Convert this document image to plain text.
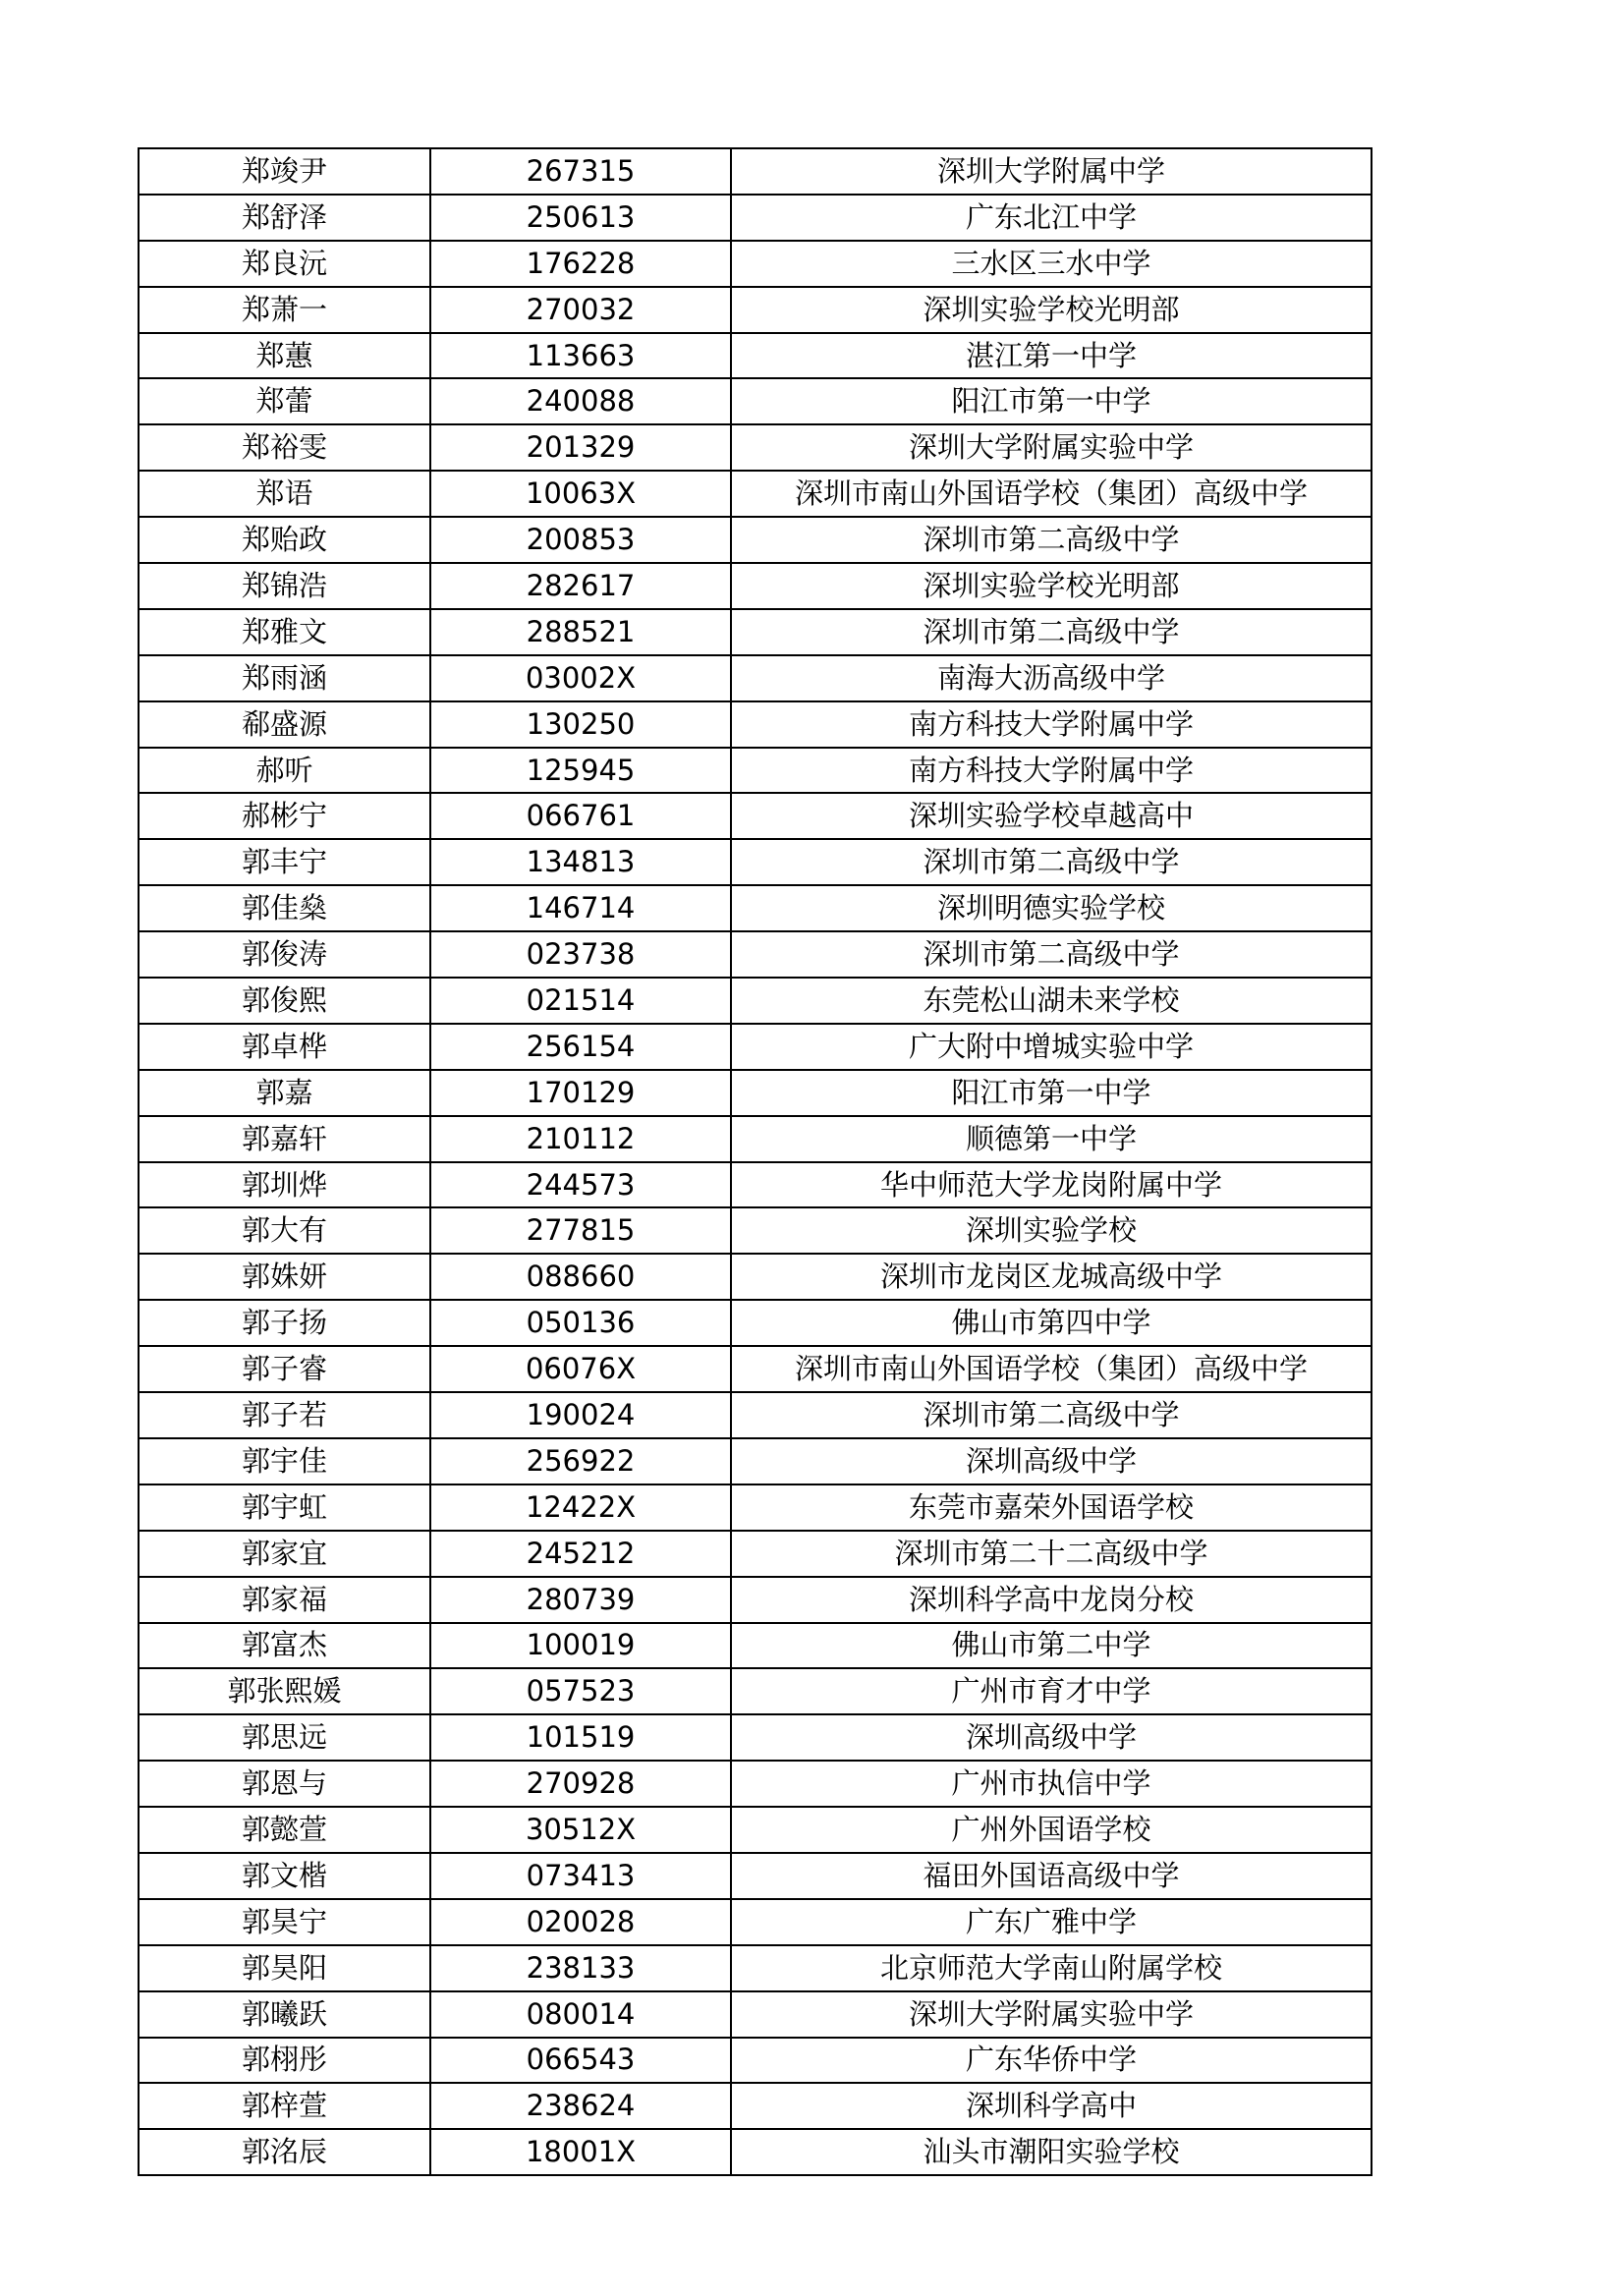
郑竣尹	267315	深圳大学附属中学
郑舒泽	250613	广东北江中学
郑良沅	176228	三水区三水中学
郑萧一	270032	深圳实验学校光明部
郑蕙	113663	湛江第一中学
郑蕾	240088	阳江市第一中学
郑裕雯	201329	深圳大学附属实验中学
郑语	10063X	深圳市南山外国语学校（集团）高级中学
郑贻政	200853	深圳市第二高级中学
郑锦浩	282617	深圳实验学校光明部
郑雅文	288521	深圳市第二高级中学
郑雨涵	03002X	南海大沥高级中学
郗盛源	130250	南方科技大学附属中学
郝听	125945	南方科技大学附属中学
郝彬宁	066761	深圳实验学校卓越高中
郭丰宁	134813	深圳市第二高级中学
郭佳燊	146714	深圳明德实验学校
郭俊涛	023738	深圳市第二高级中学
郭俊熙	021514	东莞松山湖未来学校
郭卓桦	256154	广大附中增城实验中学
郭嘉	170129	阳江市第一中学
郭嘉轩	210112	顺德第一中学
郭圳烨	244573	华中师范大学龙岗附属中学
郭大有	277815	深圳实验学校
郭姝妍	088660	深圳市龙岗区龙城高级中学
郭子扬	050136	佛山市第四中学
郭子睿	06076X	深圳市南山外国语学校（集团）高级中学
郭子若	190024	深圳市第二高级中学
郭宇佳	256922	深圳高级中学
郭宇虹	12422X	东莞市嘉荣外国语学校
郭家宜	245212	深圳市第二十二高级中学
郭家福	280739	深圳科学高中龙岗分校
郭富杰	100019	佛山市第二中学
郭张熙媛	057523	广州市育才中学
郭思远	101519	深圳高级中学
郭恩与	270928	广州市执信中学
郭懿萱	30512X	广州外国语学校
郭文楷	073413	福田外国语高级中学
郭昊宁	020028	广东广雅中学
郭昊阳	238133	北京师范大学南山附属学校
郭曦跃	080014	深圳大学附属实验中学
郭栩彤	066543	广东华侨中学
郭梓萱	238624	深圳科学高中
郭洺辰	18001X	汕头市潮阳实验学校
